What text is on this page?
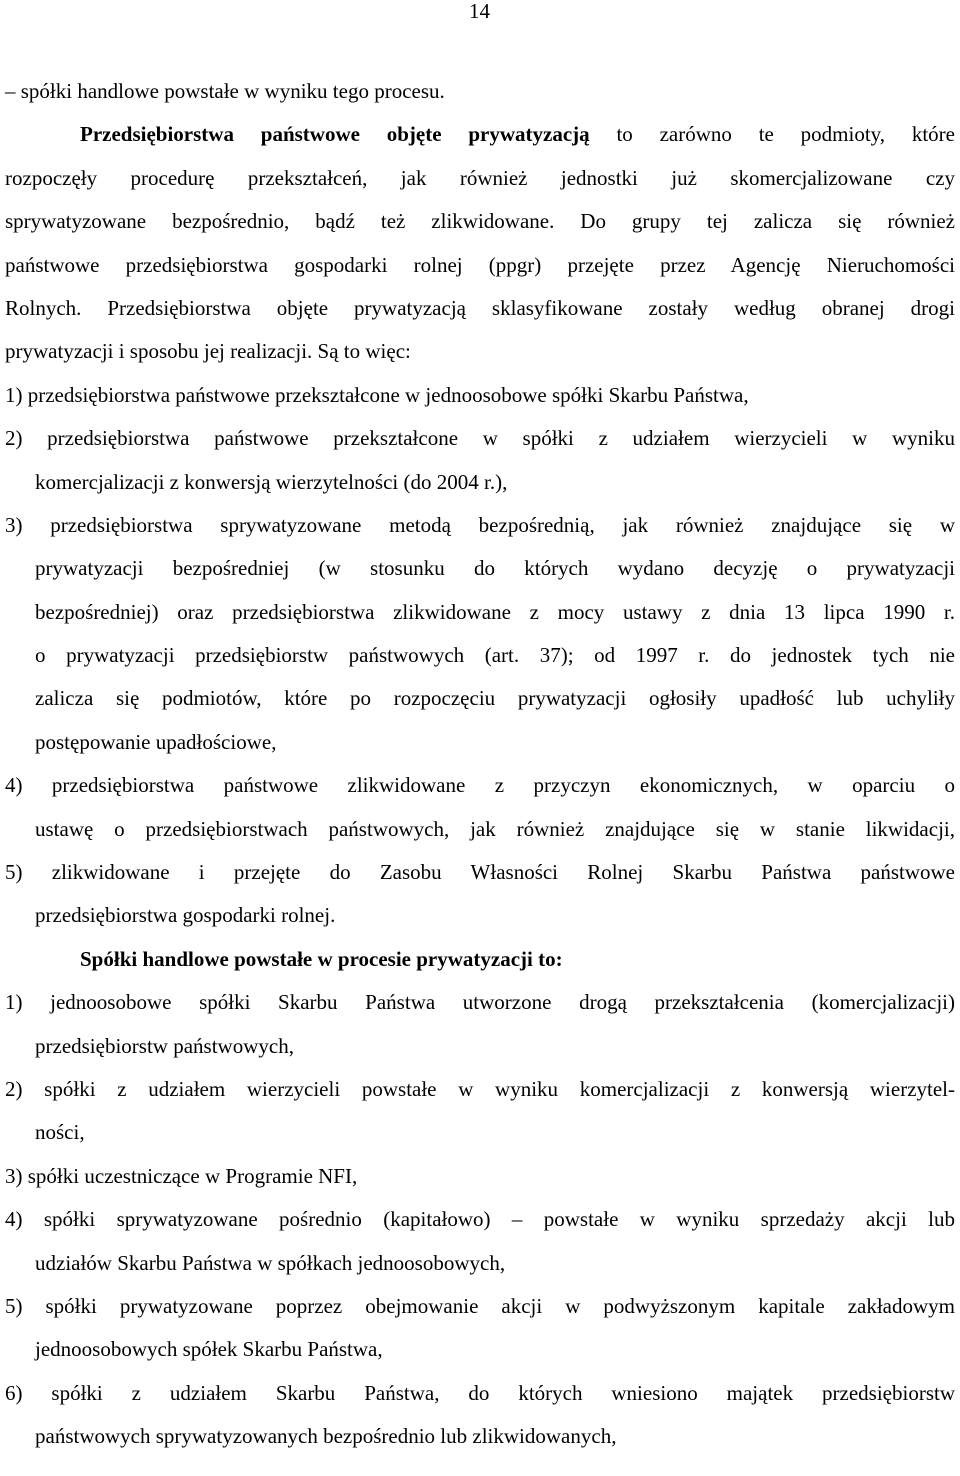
14
– spółki handlowe powstałe w wyniku tego procesu.
Przedsiębiorstwa państwowe objęte prywatyzacją to zarówno te podmioty, które
rozpoczęły procedurę przekształceń, jak również jednostki już skomercjalizowane czy
sprywatyzowane bezpośrednio, bądź też zlikwidowane. Do grupy tej zalicza się również
państwowe przedsiębiorstwa gospodarki rolnej (ppgr) przejęte przez Agencję Nieruchomości
Rolnych. Przedsiębiorstwa objęte prywatyzacją sklasyfikowane zostały według obranej drogi
prywatyzacji i sposobu jej realizacji. Są to więc:
1) przedsiębiorstwa państwowe przekształcone w jednoosobowe spółki Skarbu Państwa,
2) przedsiębiorstwa państwowe przekształcone w spółki z udziałem wierzycieli w wyniku
komercjalizacji z konwersją wierzytelności (do 2004 r.),
3) przedsiębiorstwa sprywatyzowane metodą bezpośrednią, jak również znajdujące się w
prywatyzacji bezpośredniej (w stosunku do których wydano decyzję o prywatyzacji
bezpośredniej) oraz przedsiębiorstwa zlikwidowane z mocy ustawy z dnia 13 lipca 1990 r.
o prywatyzacji przedsiębiorstw państwowych (art. 37); od 1997 r. do jednostek tych nie
zalicza się podmiotów, które po rozpoczęciu prywatyzacji ogłosiły upadłość lub uchyliły
postępowanie upadłościowe,
4) przedsiębiorstwa państwowe zlikwidowane z przyczyn ekonomicznych, w oparciu o
ustawę o przedsiębiorstwach państwowych, jak również znajdujące się w stanie likwidacji,
5) zlikwidowane i przejęte do Zasobu Własności Rolnej Skarbu Państwa państwowe
przedsiębiorstwa gospodarki rolnej.
Spółki handlowe powstałe w procesie prywatyzacji to:
1) jednoosobowe spółki Skarbu Państwa utworzone drogą przekształcenia (komercjalizacji)
przedsiębiorstw państwowych,
2) spółki z udziałem wierzycieli powstałe w wyniku komercjalizacji z konwersją wierzytel-
ności,
3) spółki uczestniczące w Programie NFI,
4) spółki sprywatyzowane pośrednio (kapitałowo) – powstałe w wyniku sprzedaży akcji lub
udziałów Skarbu Państwa w spółkach jednoosobowych,
5) spółki prywatyzowane poprzez obejmowanie akcji w podwyższonym kapitale zakładowym
jednoosobowych spółek Skarbu Państwa,
6) spółki z udziałem Skarbu Państwa, do których wniesiono majątek przedsiębiorstw
państwowych sprywatyzowanych bezpośrednio lub zlikwidowanych,
